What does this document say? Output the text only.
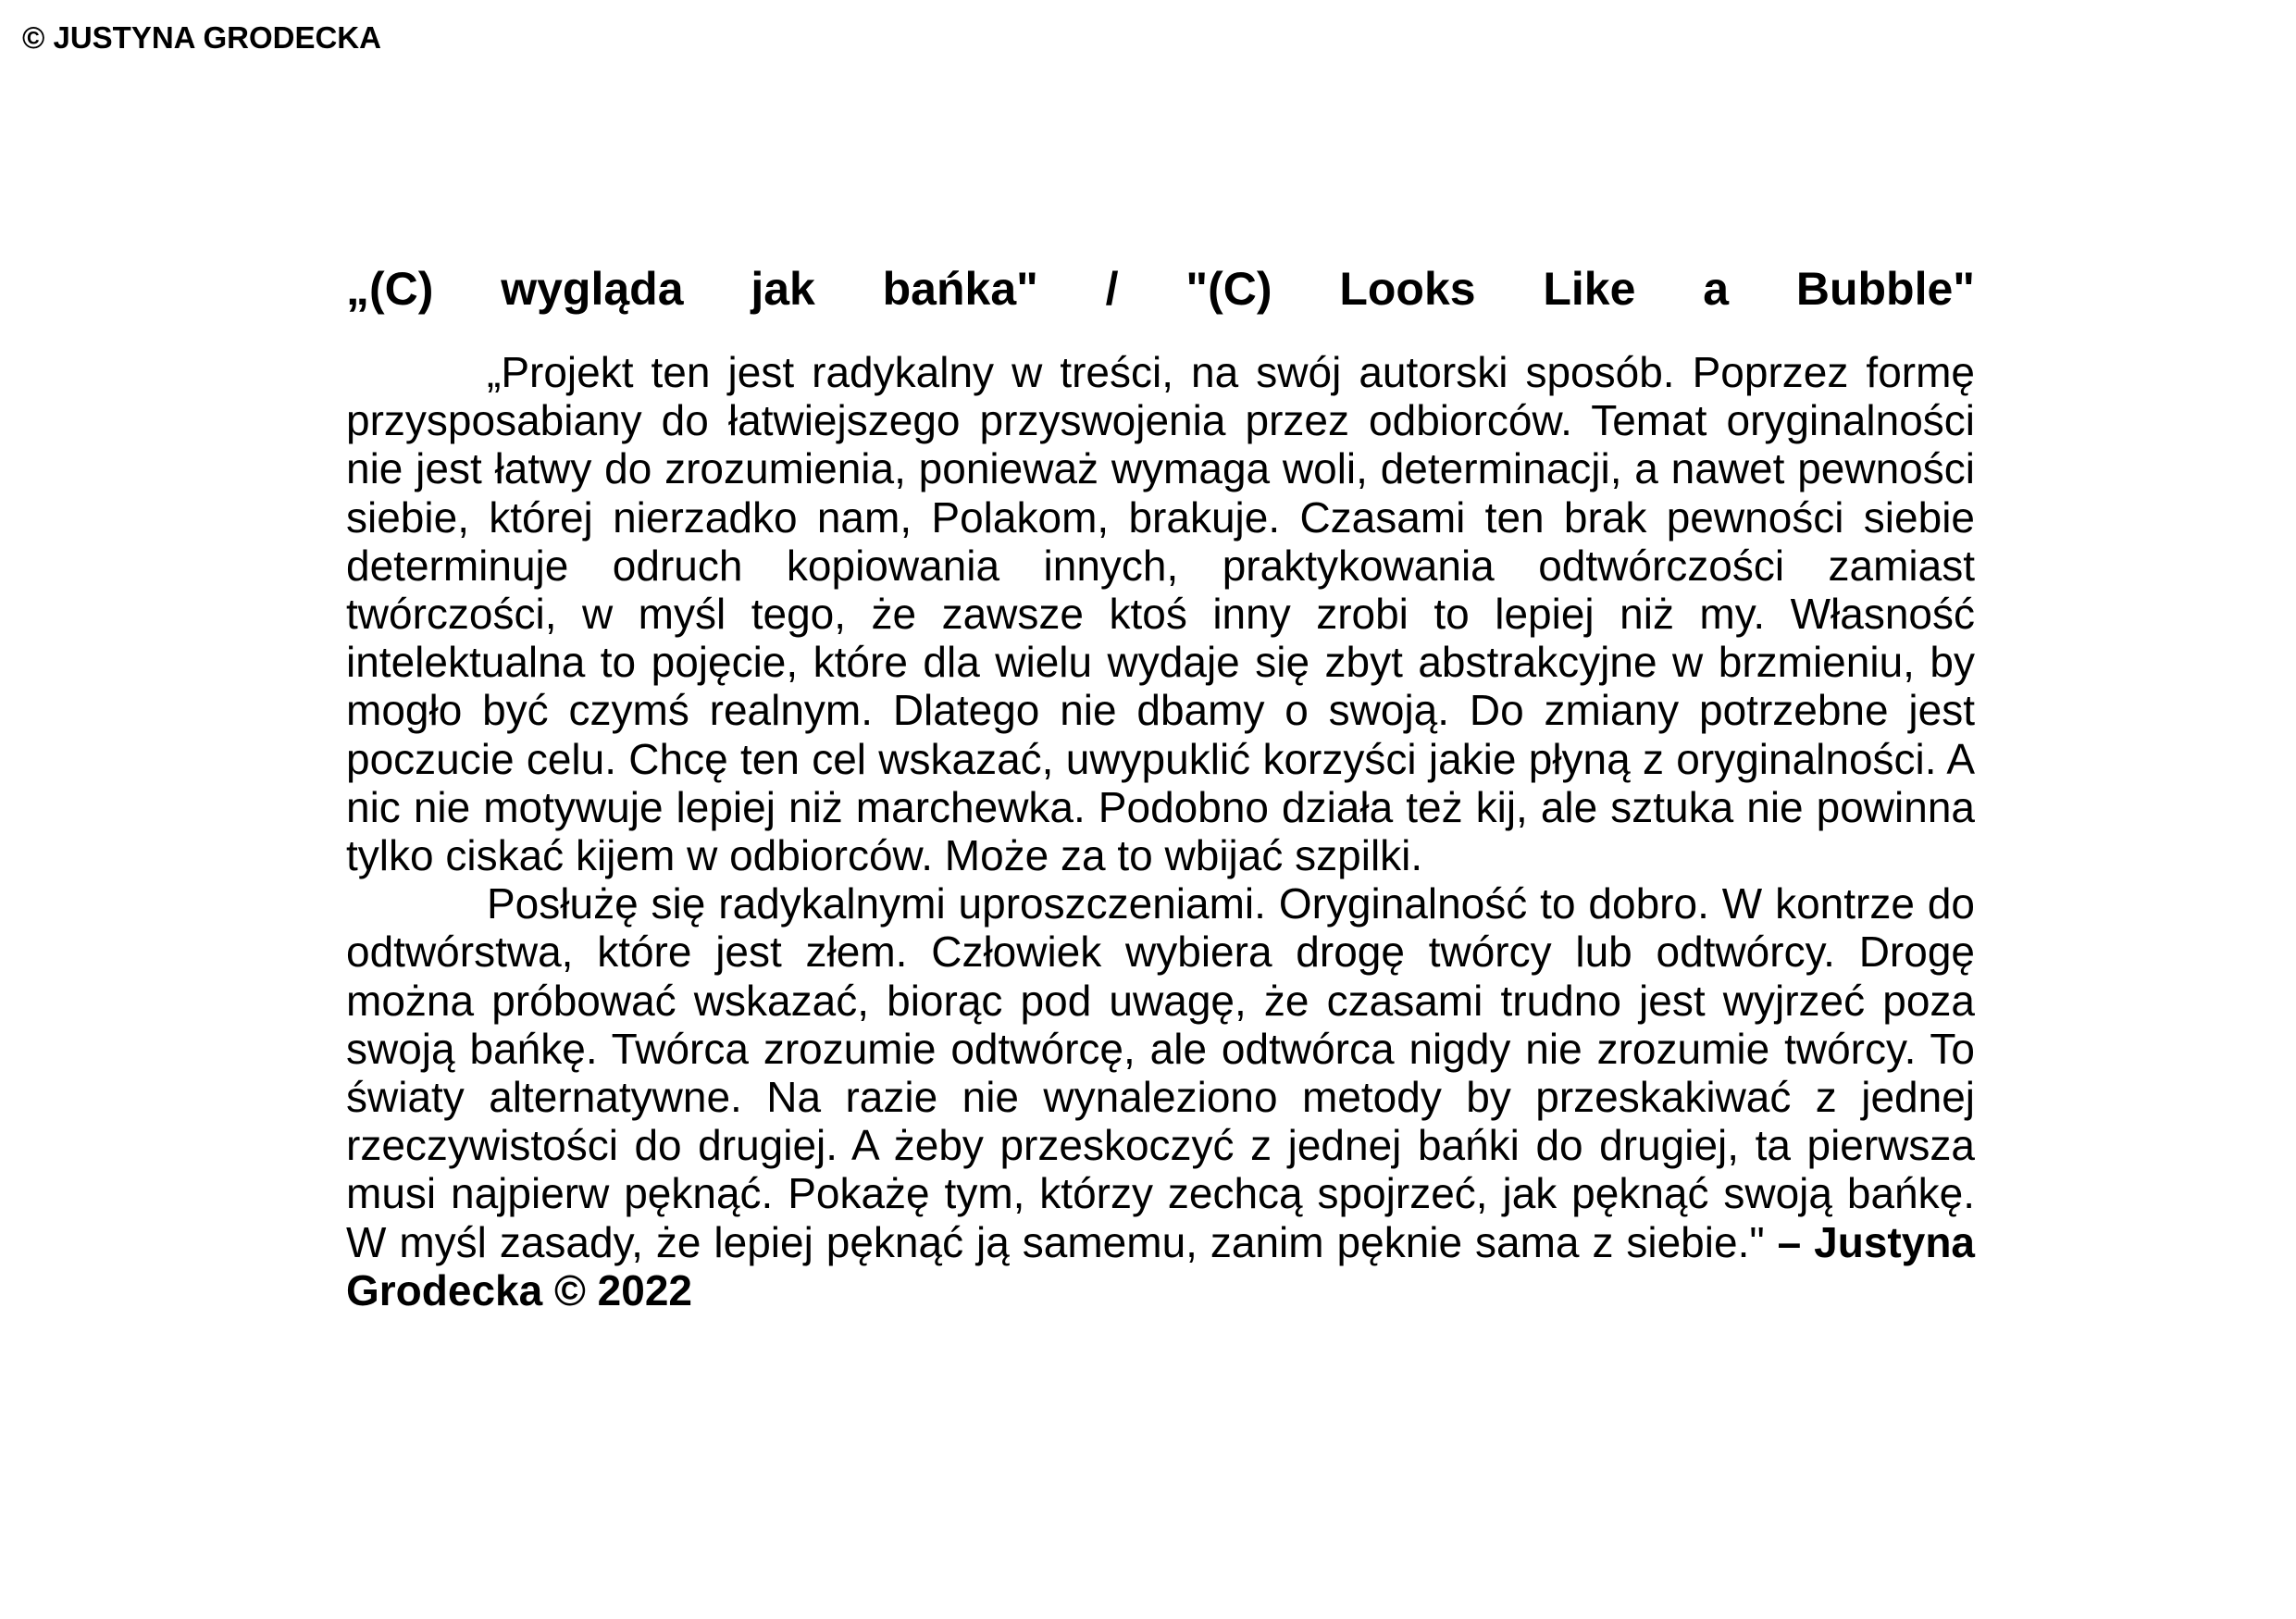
© JUSTYNA GRODECKA
„(C) wygląda jak bańka" / "(C) Looks Like a Bubble"

„Projekt ten jest radykalny w treści, na swój autorski sposób. Poprzez formę przysposabiany do łatwiejszego przyswojenia przez odbiorców. Temat oryginalności nie jest łatwy do zrozumienia, ponieważ wymaga woli, determinacji, a nawet pewności siebie, której nierzadko nam, Polakom, brakuje. Czasami ten brak pewności siebie determinuje odruch kopiowania innych, praktykowania odtwórczości zamiast twórczości, w myśl tego, że zawsze ktoś inny zrobi to lepiej niż my. Własność intelektualna to pojęcie, które dla wielu wydaje się zbyt abstrakcyjne w brzmieniu, by mogło być czymś realnym. Dlatego nie dbamy o swoją. Do zmiany potrzebne jest poczucie celu. Chcę ten cel wskazać, uwypuklić korzyści jakie płyną z oryginalności. A nic nie motywuje lepiej niż marchewka. Podobno działa też kij, ale sztuka nie powinna tylko ciskać kijem w odbiorców. Może za to wbijać szpilki.

Posłużę się radykalnymi uproszczeniami. Oryginalność to dobro. W kontrze do odtwórstwa, które jest złem. Człowiek wybiera drogę twórcy lub odtwórcy. Drogę można próbować wskazać, biorąc pod uwagę, że czasami trudno jest wyjrzeć poza swoją bańkę. Twórca zrozumie odtwórcę, ale odtwórca nigdy nie zrozumie twórcy. To światy alternatywne. Na razie nie wynaleziono metody by przeskakiwać z jednej rzeczywistości do drugiej. A żeby przeskoczyć z jednej bańki do drugiej, ta pierwsza musi najpierw pęknąć. Pokażę tym, którzy zechcą spojrzeć, jak pęknąć swoją bańkę. W myśl zasady, że lepiej pęknąć ją samemu, zanim pęknie sama z siebie." – Justyna Grodecka © 2022
